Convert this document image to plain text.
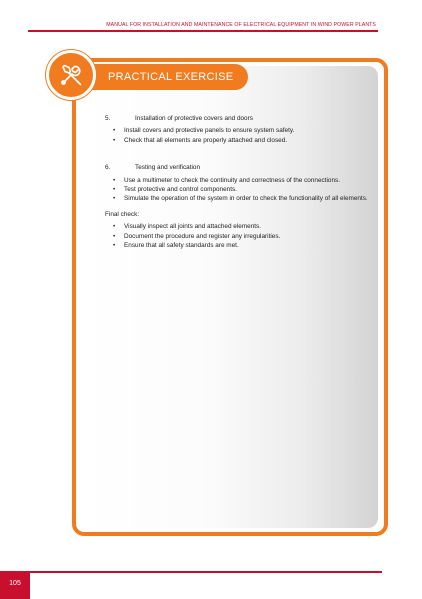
MANUAL FOR INSTALLATION AND MAINTENANCE OF ELECTRICAL EQUIPMENT IN WIND POWER PLANTS
PRACTICAL EXERCISE
5.	Installation of protective covers and doors
• Install covers and protective panels to ensure system safety.
• Check that all elements are properly attached and closed.
6.	Testing and verification
• Use a multimeter to check the continuity and correctness of the connections.
• Test protective and control components.
• Simulate the operation of the system in order to check the functionality of all elements.

Final check:

• Visually inspect all joints and attached elements.
• Document the procedure and register any irregularities.
• Ensure that all safety standards are met.
105
